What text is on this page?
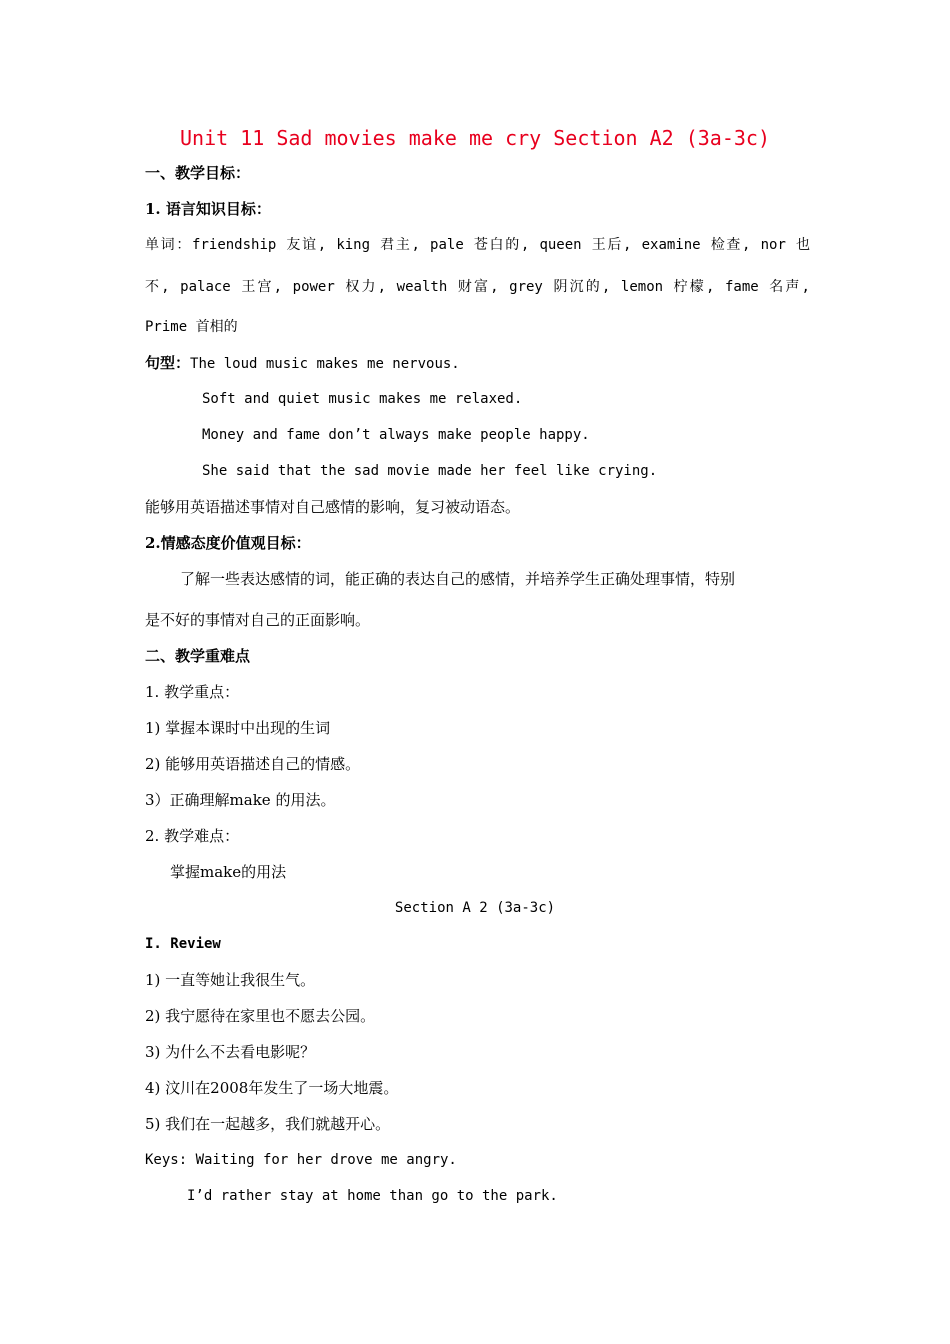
Unit 11 Sad movies make me cry Section A2 (3a-3c)
一、教学目标：
1. 语言知识目标：
单词：friendship 友谊, king 君主, pale 苍白的, queen 王后, examine 检查, nor 也
不, palace 王宫, power 权力, wealth 财富, grey 阴沉的, lemon 柠檬, fame 名声,
Prime 首相的
句型：The loud music makes me nervous.
Soft and quiet music makes me relaxed.
Money and fame don’t always make people happy.
She said that the sad movie made her feel like crying.
能够用英语描述事情对自己感情的影响，复习被动语态。
2.情感态度价值观目标：
了解一些表达感情的词，能正确的表达自己的感情，并培养学生正确处理事情，特别
是不好的事情对自己的正面影响。
二、教学重难点
1. 教学重点：
1) 掌握本课时中出现的生词
2) 能够用英语描述自己的情感。
3）正确理解make 的用法。
2. 教学难点：
掌握make的用法
Section A 2 (3a-3c)
I. Review
1) 一直等她让我很生气。
2) 我宁愿待在家里也不愿去公园。
3) 为什么不去看电影呢？
4) 汶川在2008年发生了一场大地震。
5) 我们在一起越多，我们就越开心。
Keys: Waiting for her drove me angry.
I’d rather stay at home than go to the park.
